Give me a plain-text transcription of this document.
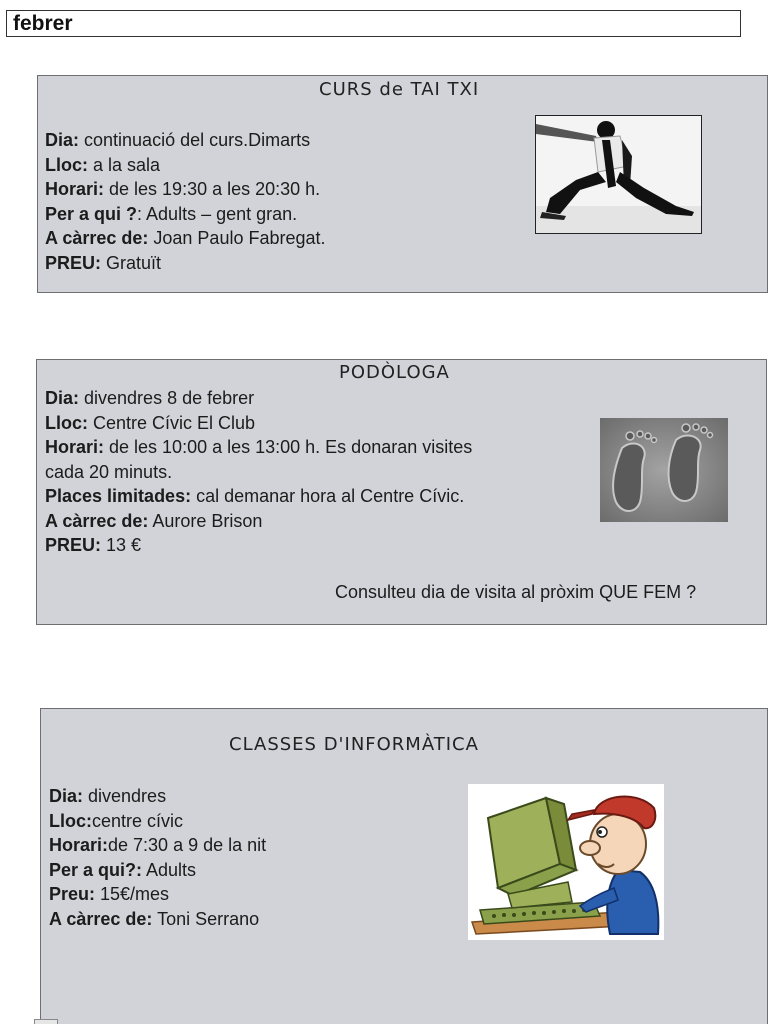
febrer
CURS de TAI TXI
Dia: continuació del curs.Dimarts
Lloc: a la sala
Horari: de les 19:30 a les 20:30 h.
Per a qui ?: Adults – gent gran.
A càrrec de: Joan Paulo Fabregat.
PREU: Gratuït
PODÒLOGA
Dia: divendres 8 de febrer
Lloc: Centre Cívic El Club
Horari: de les 10:00 a les 13:00 h. Es donaran visites
cada 20 minuts.
Places limitades: cal demanar hora al Centre Cívic.
A càrrec de: Aurore Brison
PREU: 13 €
Consulteu dia de visita al pròxim QUE FEM ?
CLASSES D'INFORMÀTICA
Dia: divendres
Lloc:centre cívic
Horari:de 7:30 a 9 de la nit
Per a qui?: Adults
Preu: 15€/mes
A càrrec de: Toni Serrano
